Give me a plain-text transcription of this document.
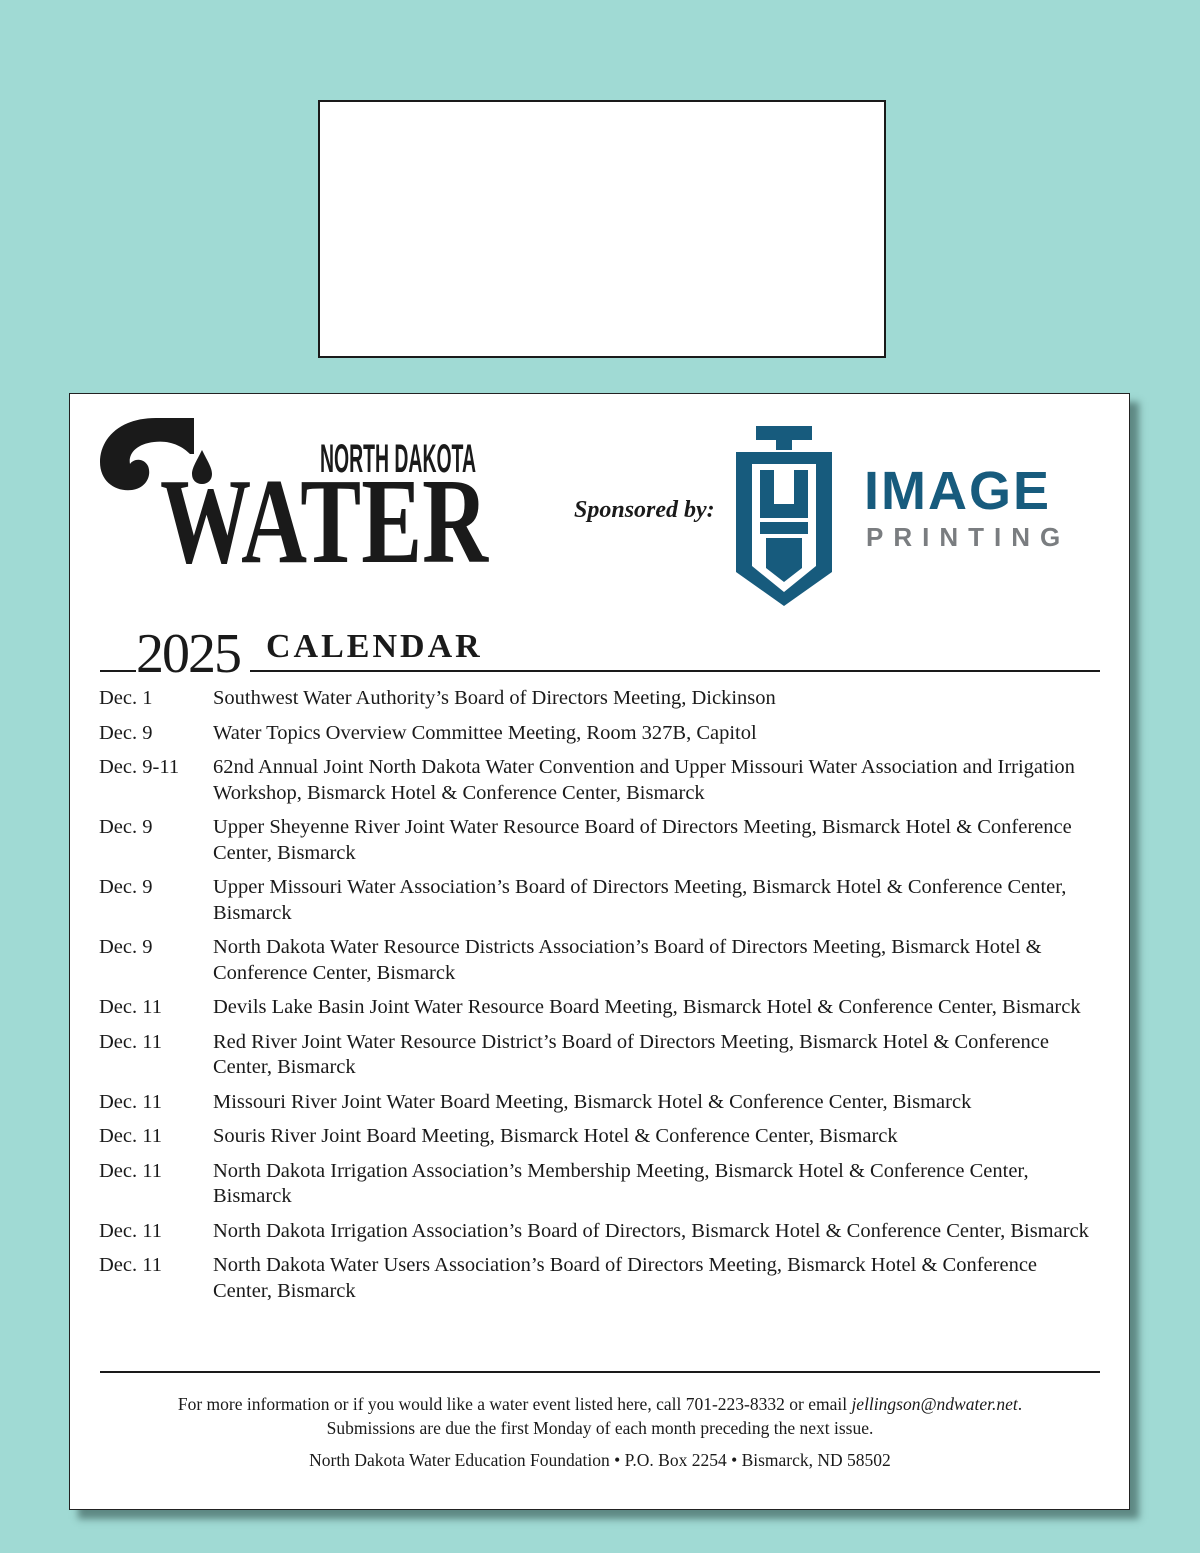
NORTH DAKOTA
WATER	Sponsored by:	IMAGE
PRINTING
2025 CALENDAR
Dec. 1	Southwest Water Authority’s Board of Directors Meeting, Dickinson
Dec. 9	Water Topics Overview Committee Meeting, Room 327B, Capitol
Dec. 9-11	62nd Annual Joint North Dakota Water Convention and Upper Missouri Water Association and Irrigation Workshop, Bismarck Hotel & Conference Center, Bismarck
Dec. 9	Upper Sheyenne River Joint Water Resource Board of Directors Meeting, Bismarck Hotel & Conference Center, Bismarck
Dec. 9	Upper Missouri Water Association’s Board of Directors Meeting, Bismarck Hotel & Conference Center, Bismarck
Dec. 9	North Dakota Water Resource Districts Association’s Board of Directors Meeting, Bismarck Hotel & Conference Center, Bismarck
Dec. 11	Devils Lake Basin Joint Water Resource Board Meeting, Bismarck Hotel & Conference Center, Bismarck
Dec. 11	Red River Joint Water Resource District’s Board of Directors Meeting, Bismarck Hotel & Conference Center, Bismarck
Dec. 11	Missouri River Joint Water Board Meeting, Bismarck Hotel & Conference Center, Bismarck
Dec. 11	Souris River Joint Board Meeting, Bismarck Hotel & Conference Center, Bismarck
Dec. 11	North Dakota Irrigation Association’s Membership Meeting, Bismarck Hotel & Conference Center, Bismarck
Dec. 11	North Dakota Irrigation Association’s Board of Directors, Bismarck Hotel & Conference Center, Bismarck
Dec. 11	North Dakota Water Users Association’s Board of Directors Meeting, Bismarck Hotel & Conference Center, Bismarck
For more information or if you would like a water event listed here, call 701-223-8332 or email jellingson@ndwater.net.
Submissions are due the first Monday of each month preceding the next issue.
North Dakota Water Education Foundation • P.O. Box 2254 • Bismarck, ND 58502
